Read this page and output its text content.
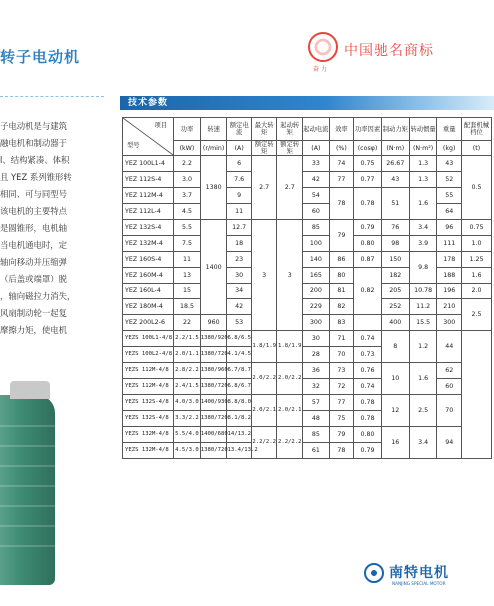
转子电动机
奋 力
中国驰名商标
子电动机是与建筑
融电机和制动器于
l、结构紧凑、体积
且 YEZ 系列锥形转
相同、可与同型号
该电机的主要特点
是圆锥形，电机轴
当电机通电时，定
轴向移动并压缩弹
（后盖或端罩）脱
，轴向磁拉力消失，
风扇制动轮一起复
摩擦力矩，使电机
技术参数
项目
型号	功率	转速	额定电流	最大转矩	起动转矩	起动电流	效率	功率因素	制动力矩	转动惯量	重量	配套机械档位
	(kW)	(r/min)	(A)	额定转矩	额定转矩	(A)	(%)	(cosφ)	(N·m)	(N·m²)	(kg)	(t)
YEZ 100L1-4	2.2	1380	6	2.7	2.7	33	74	0.75	26.67	1.3	43	0.5
YEZ 112S-4	3.0		7.6			42	77	0.77	43	1.3	52	
YEZ 112M-4	3.7		9			54	78	0.78	51	1.6	55	
YEZ 112L-4	4.5		11			60					64	
YEZ 132S-4	5.5	1400	12.7	3	3	85	79	0.79	76	3.4	96	0.75
YEZ 132M-4	7.5		18			100		0.80	98	3.9	111	1.0
YEZ 160S-4	11		23			140	86	0.87	150	9.8	178	1.25
YEZ 160M-4	13		30			165	80	0.82	182		188	1.6
YEZ 160L-4	15		34			200	81		205	10.78	196	2.0
YEZ 180M-4	18.5		42			229	82		252	11.2	210	2.5
YEZ 200L2-6	22	960	53			300	83		400	15.5	300	
YEZS 100L1-4/8	2.2/1.5	1380/920	6.8/6.5	1.8/1.9	1.8/1.9	30	71	0.74	8	1.2	44	
YEZS 100L2-4/8	2.0/1.1	1380/720	4.1/4.5			28	70	0.73				
YEZS 112M-4/8	2.8/2.2	1380/960	6.7/8.7	2.0/2.2	2.0/2.2	36	73	0.76	10	1.6	62	
YEZS 112M-4/8	2.4/1.5	1380/720	6.8/6.7			32	72	0.74			60	
YEZS 132S-4/8	4.0/3.0	1400/930	8.8/8.0	2.0/2.1	2.0/2.1	57	77	0.78	12	2.5	70	
YEZS 132S-4/8	3.3/2.2	1380/720	8.1/8.2			48	75	0.78				
YEZS 132M-4/8	5.5/4.0	1400/680	14/13.2	2.2/2.2	2.2/2.2	85	79	0.80	16	3.4	94	
YEZS 132M-4/8	4.5/3.0	1380/720	13.4/13.2			61	78	0.79				
南特电机
NANJING SPECIAL MOTOR
